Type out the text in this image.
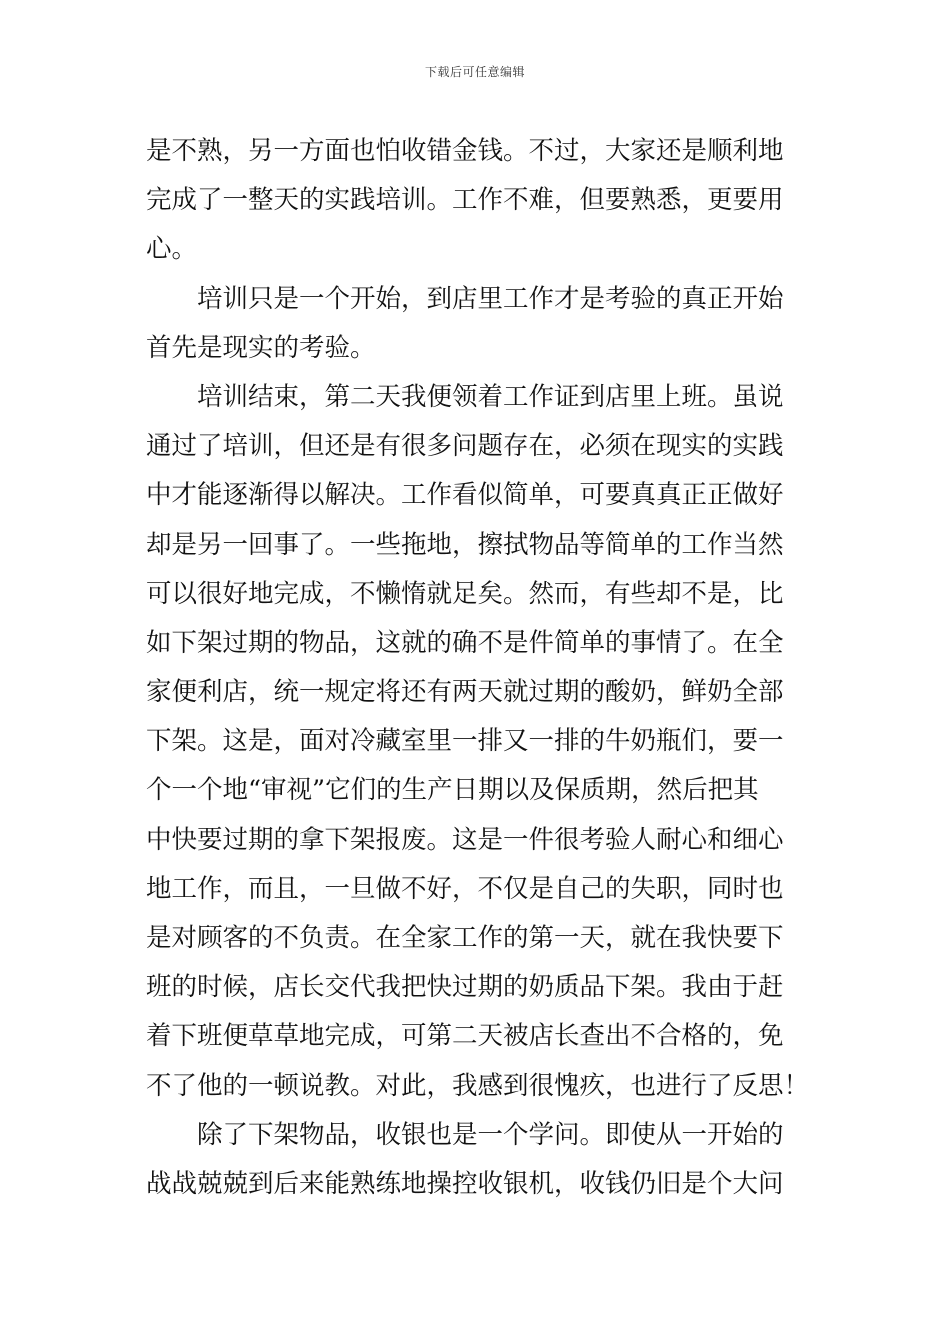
下载后可任意编辑
是不熟，另一方面也怕收错金钱。不过，大家还是顺利地
完成了一整天的实践培训。工作不难，但要熟悉，更要用
心。
培训只是一个开始，到店里工作才是考验的真正开始
首先是现实的考验。
培训结束，第二天我便领着工作证到店里上班。虽说
通过了培训，但还是有很多问题存在，必须在现实的实践
中才能逐渐得以解决。工作看似简单，可要真真正正做好
却是另一回事了。一些拖地，擦拭物品等简单的工作当然
可以很好地完成，不懒惰就足矣。然而，有些却不是，比
如下架过期的物品，这就的确不是件简单的事情了。在全
家便利店，统一规定将还有两天就过期的酸奶，鲜奶全部
下架。这是，面对冷藏室里一排又一排的牛奶瓶们，要一
个一个地“审视”它们的生产日期以及保质期，然后把其
中快要过期的拿下架报废。这是一件很考验人耐心和细心
地工作，而且，一旦做不好，不仅是自己的失职，同时也
是对顾客的不负责。在全家工作的第一天，就在我快要下
班的时候，店长交代我把快过期的奶质品下架。我由于赶
着下班便草草地完成，可第二天被店长查出不合格的，免
不了他的一顿说教。对此，我感到很愧疚，也进行了反思！
除了下架物品，收银也是一个学问。即使从一开始的
战战兢兢到后来能熟练地操控收银机，收钱仍旧是个大问
